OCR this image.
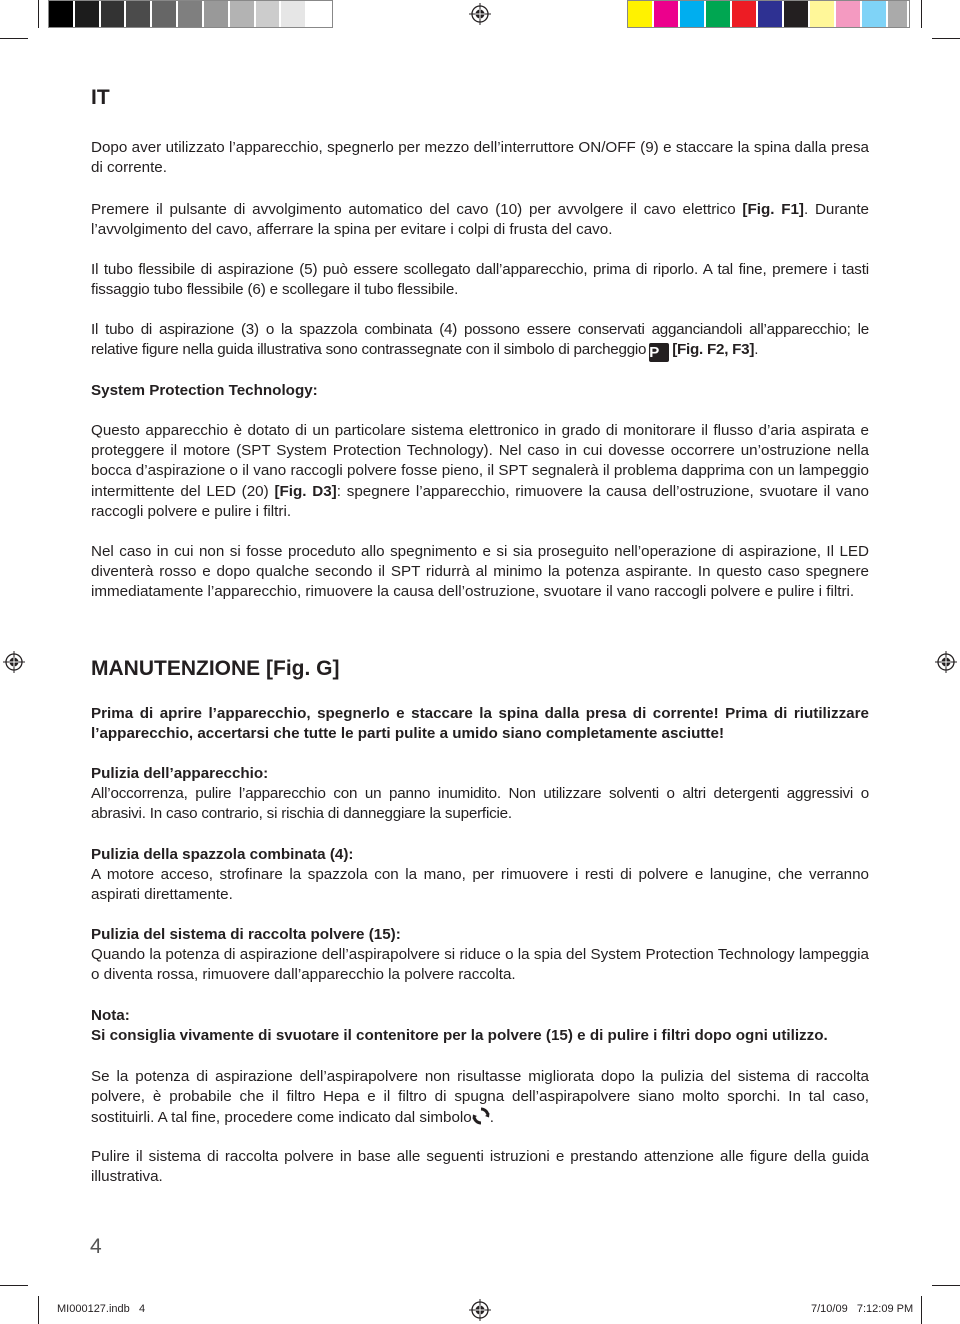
IT
Dopo aver utilizzato l’apparecchio, spegnerlo per mezzo dell’interruttore ON/OFF (9) e staccare la spina dalla presa di corrente.
Premere il pulsante di avvolgimento automatico del cavo (10) per avvolgere il cavo elettrico [Fig. F1]. Durante l’avvolgimento del cavo, afferrare la spina per evitare i colpi di frusta del cavo.
Il tubo flessibile di aspirazione (5) può essere scollegato dall’apparecchio, prima di riporlo. A tal fine, premere i tasti fissaggio tubo flessibile (6) e scollegare il tubo flessibile.
Il tubo di aspirazione (3) o la spazzola combinata (4) possono essere conservati agganciandoli all’apparecchio; le relative figure nella guida illustrativa sono contrassegnate con il simbolo di parcheggio P [Fig. F2, F3].
System Protection Technology:
Questo apparecchio è dotato di un particolare sistema elettronico in grado di monitorare il flusso d’aria aspirata e proteggere il motore (SPT System Protection Technology). Nel caso in cui dovesse occorrere un’ostruzione nella bocca d’aspirazione o il vano raccogli polvere fosse pieno, il SPT segnalerà il problema dapprima con un lampeggio intermittente del LED (20) [Fig. D3]: spegnere l’apparecchio, rimuovere la causa dell’ostruzione, svuotare il vano raccogli polvere e pulire i filtri.
Nel caso in cui non si fosse proceduto allo spegnimento e si sia proseguito nell’operazione di aspirazione, Il LED diventerà rosso e dopo qualche secondo il SPT ridurrà al minimo la potenza aspirante. In questo caso spegnere immediatamente l’apparecchio, rimuovere la causa dell’ostruzione, svuotare il vano raccogli polvere e pulire i filtri.
MANUTENZIONE [Fig. G]
Prima di aprire l’apparecchio, spegnerlo e staccare la spina dalla presa di corrente! Prima di riutilizzare l’apparecchio, accertarsi che tutte le parti pulite a umido siano completamente asciutte!
Pulizia dell’apparecchio:
All’occorrenza, pulire l’apparecchio con un panno inumidito. Non utilizzare solventi o altri detergenti aggressivi o abrasivi. In caso contrario, si rischia di danneggiare la superficie.
Pulizia della spazzola combinata (4):
A motore acceso, strofinare la spazzola con la mano, per rimuovere i resti di polvere e lanugine, che verranno aspirati direttamente.
Pulizia del sistema di raccolta polvere (15):
Quando la potenza di aspirazione dell’aspirapolvere si riduce o la spia del System Protection Technology lampeggia o diventa rossa, rimuovere dall’apparecchio la polvere raccolta.
Nota:
Si consiglia vivamente di svuotare il contenitore per la polvere (15) e di pulire i filtri dopo ogni utilizzo.
Se la potenza di aspirazione dell’aspirapolvere non risultasse migliorata dopo la pulizia del sistema di raccolta polvere, è probabile che il filtro Hepa e il filtro di spugna dell’aspirapolvere siano molto sporchi. In tal caso, sostituirli. A tal fine, procedere come indicato dal simbolo .
Pulire il sistema di raccolta polvere in base alle seguenti istruzioni e prestando attenzione alle figure della guida illustrativa.
4
MI000127.indb   4	7/10/09   7:12:09 PM
